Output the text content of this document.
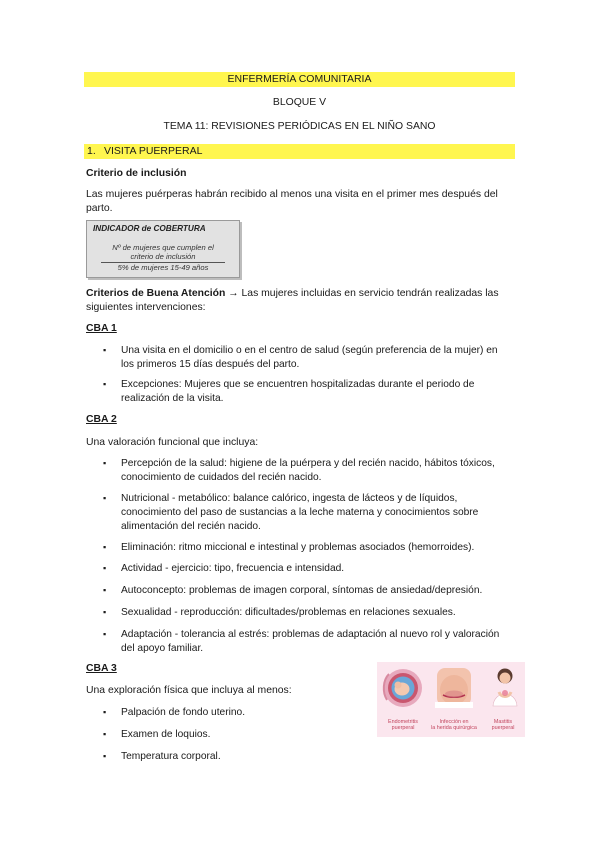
ENFERMERÍA COMUNITARIA
BLOQUE V
TEMA 11: REVISIONES PERIÓDICAS EN EL NIÑO SANO
1. VISITA PUERPERAL
Criterio de inclusión
Las mujeres puérperas habrán recibido al menos una visita en el primer mes después del
parto.
INDICADOR de COBERTURA
Nº de mujeres que cumplen el
criterio de inclusión
5% de mujeres 15-49 años
Criterios de Buena Atención → Las mujeres incluidas en servicio tendrán realizadas las
siguientes intervenciones:
CBA 1
▪ Una visita en el domicilio o en el centro de salud (según preferencia de la mujer) en
los primeros 15 días después del parto.
▪ Excepciones: Mujeres que se encuentren hospitalizadas durante el periodo de
realización de la visita.
CBA 2
Una valoración funcional que incluya:
▪ Percepción de la salud: higiene de la puérpera y del recién nacido, hábitos tóxicos,
conocimiento de cuidados del recién nacido.
▪ Nutricional - metabólico: balance calórico, ingesta de lácteos y de líquidos,
conocimiento del paso de sustancias a la leche materna y conocimientos sobre
alimentación del recién nacido.
▪ Eliminación: ritmo miccional e intestinal y problemas asociados (hemorroides).
▪ Actividad - ejercicio: tipo, frecuencia e intensidad.
▪ Autoconcepto: problemas de imagen corporal, síntomas de ansiedad/depresión.
▪ Sexualidad - reproducción: dificultades/problemas en relaciones sexuales.
▪ Adaptación - tolerancia al estrés: problemas de adaptación al nuevo rol y valoración
del apoyo familiar.
CBA 3
Una exploración física que incluya al menos:
▪ Palpación de fondo uterino.
▪ Examen de loquios.
▪ Temperatura corporal.
Endometritis
puerperal
Infección en
la herida quirúrgica
Mastitis
puerperal
